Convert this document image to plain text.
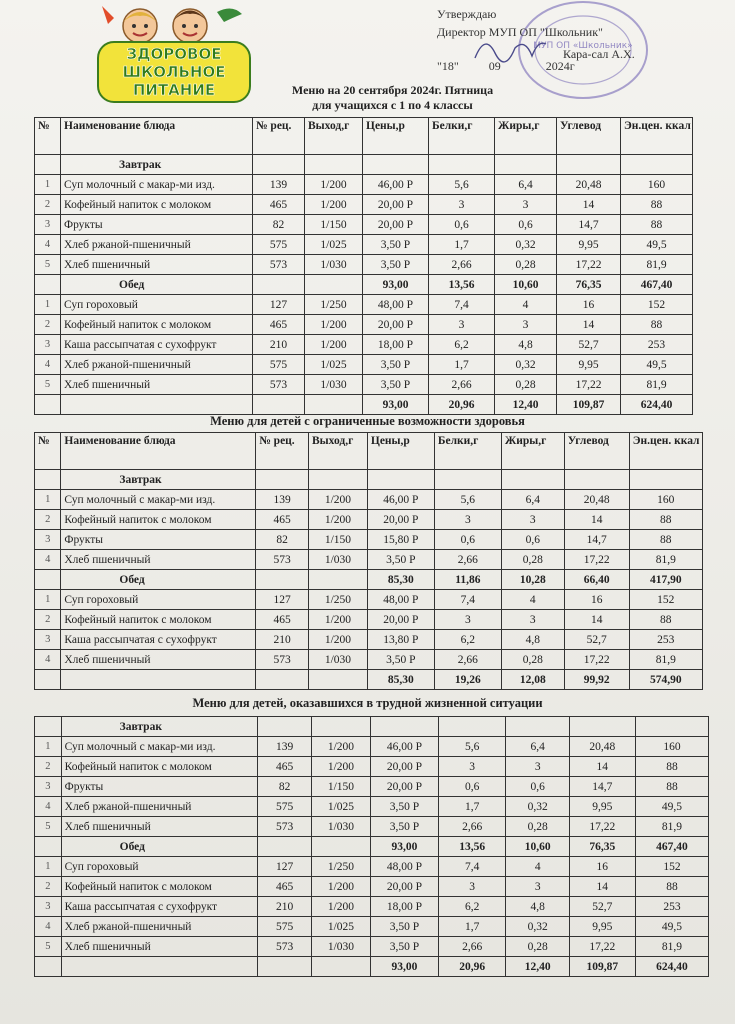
ЗДОРОВОЕ
ШКОЛЬНОЕ
ПИТАНИЕ
МУП ОП «Школьник»
Утверждаю
Директор МУП ОП "Школьник"
Кара-сал А.Х.
"18"	09	2024г
Меню на 20 сентября 2024г. Пятница
для учащихся с 1 по 4 классы
№	Наименование блюда	№ рец.	Выход,г	Цены,р	Белки,г	Жиры,г	Углевод	Эн.цен. ккал
	Завтрак							
1	Суп молочный с макар-ми изд.	139	1/200	46,00 Р	5,6	6,4	20,48	160
2	Кофейный напиток с молоком	465	1/200	20,00 Р	3	3	14	88
3	Фрукты	82	1/150	20,00 Р	0,6	0,6	14,7	88
4	Хлеб ржаной-пшеничный	575	1/025	3,50 Р	1,7	0,32	9,95	49,5
5	Хлеб пшеничный	573	1/030	3,50 Р	2,66	0,28	17,22	81,9
	Обед			93,00	13,56	10,60	76,35	467,40
1	Суп гороховый	127	1/250	48,00 Р	7,4	4	16	152
2	Кофейный напиток с молоком	465	1/200	20,00 Р	3	3	14	88
3	Каша рассыпчатая с сухофрукт	210	1/200	18,00 Р	6,2	4,8	52,7	253
4	Хлеб ржаной-пшеничный	575	1/025	3,50 Р	1,7	0,32	9,95	49,5
5	Хлеб пшеничный	573	1/030	3,50 Р	2,66	0,28	17,22	81,9
				93,00	20,96	12,40	109,87	624,40
Меню для детей с ограниченные возможности здоровья
№	Наименование блюда	№ рец.	Выход,г	Цены,р	Белки,г	Жиры,г	Углевод	Эн.цен. ккал
	Завтрак							
1	Суп молочный с макар-ми изд.	139	1/200	46,00 Р	5,6	6,4	20,48	160
2	Кофейный напиток с молоком	465	1/200	20,00 Р	3	3	14	88
3	Фрукты	82	1/150	15,80 Р	0,6	0,6	14,7	88
4	Хлеб пшеничный	573	1/030	3,50 Р	2,66	0,28	17,22	81,9
	Обед			85,30	11,86	10,28	66,40	417,90
1	Суп гороховый	127	1/250	48,00 Р	7,4	4	16	152
2	Кофейный напиток с молоком	465	1/200	20,00 Р	3	3	14	88
3	Каша рассыпчатая с сухофрукт	210	1/200	13,80 Р	6,2	4,8	52,7	253
4	Хлеб пшеничный	573	1/030	3,50 Р	2,66	0,28	17,22	81,9
				85,30	19,26	12,08	99,92	574,90
Меню для детей, оказавшихся в трудной жизненной ситуации
	Завтрак							
1	Суп молочный с макар-ми изд.	139	1/200	46,00 Р	5,6	6,4	20,48	160
2	Кофейный напиток с молоком	465	1/200	20,00 Р	3	3	14	88
3	Фрукты	82	1/150	20,00 Р	0,6	0,6	14,7	88
4	Хлеб ржаной-пшеничный	575	1/025	3,50 Р	1,7	0,32	9,95	49,5
5	Хлеб пшеничный	573	1/030	3,50 Р	2,66	0,28	17,22	81,9
	Обед			93,00	13,56	10,60	76,35	467,40
1	Суп гороховый	127	1/250	48,00 Р	7,4	4	16	152
2	Кофейный напиток с молоком	465	1/200	20,00 Р	3	3	14	88
3	Каша рассыпчатая с сухофрукт	210	1/200	18,00 Р	6,2	4,8	52,7	253
4	Хлеб ржаной-пшеничный	575	1/025	3,50 Р	1,7	0,32	9,95	49,5
5	Хлеб пшеничный	573	1/030	3,50 Р	2,66	0,28	17,22	81,9
				93,00	20,96	12,40	109,87	624,40
